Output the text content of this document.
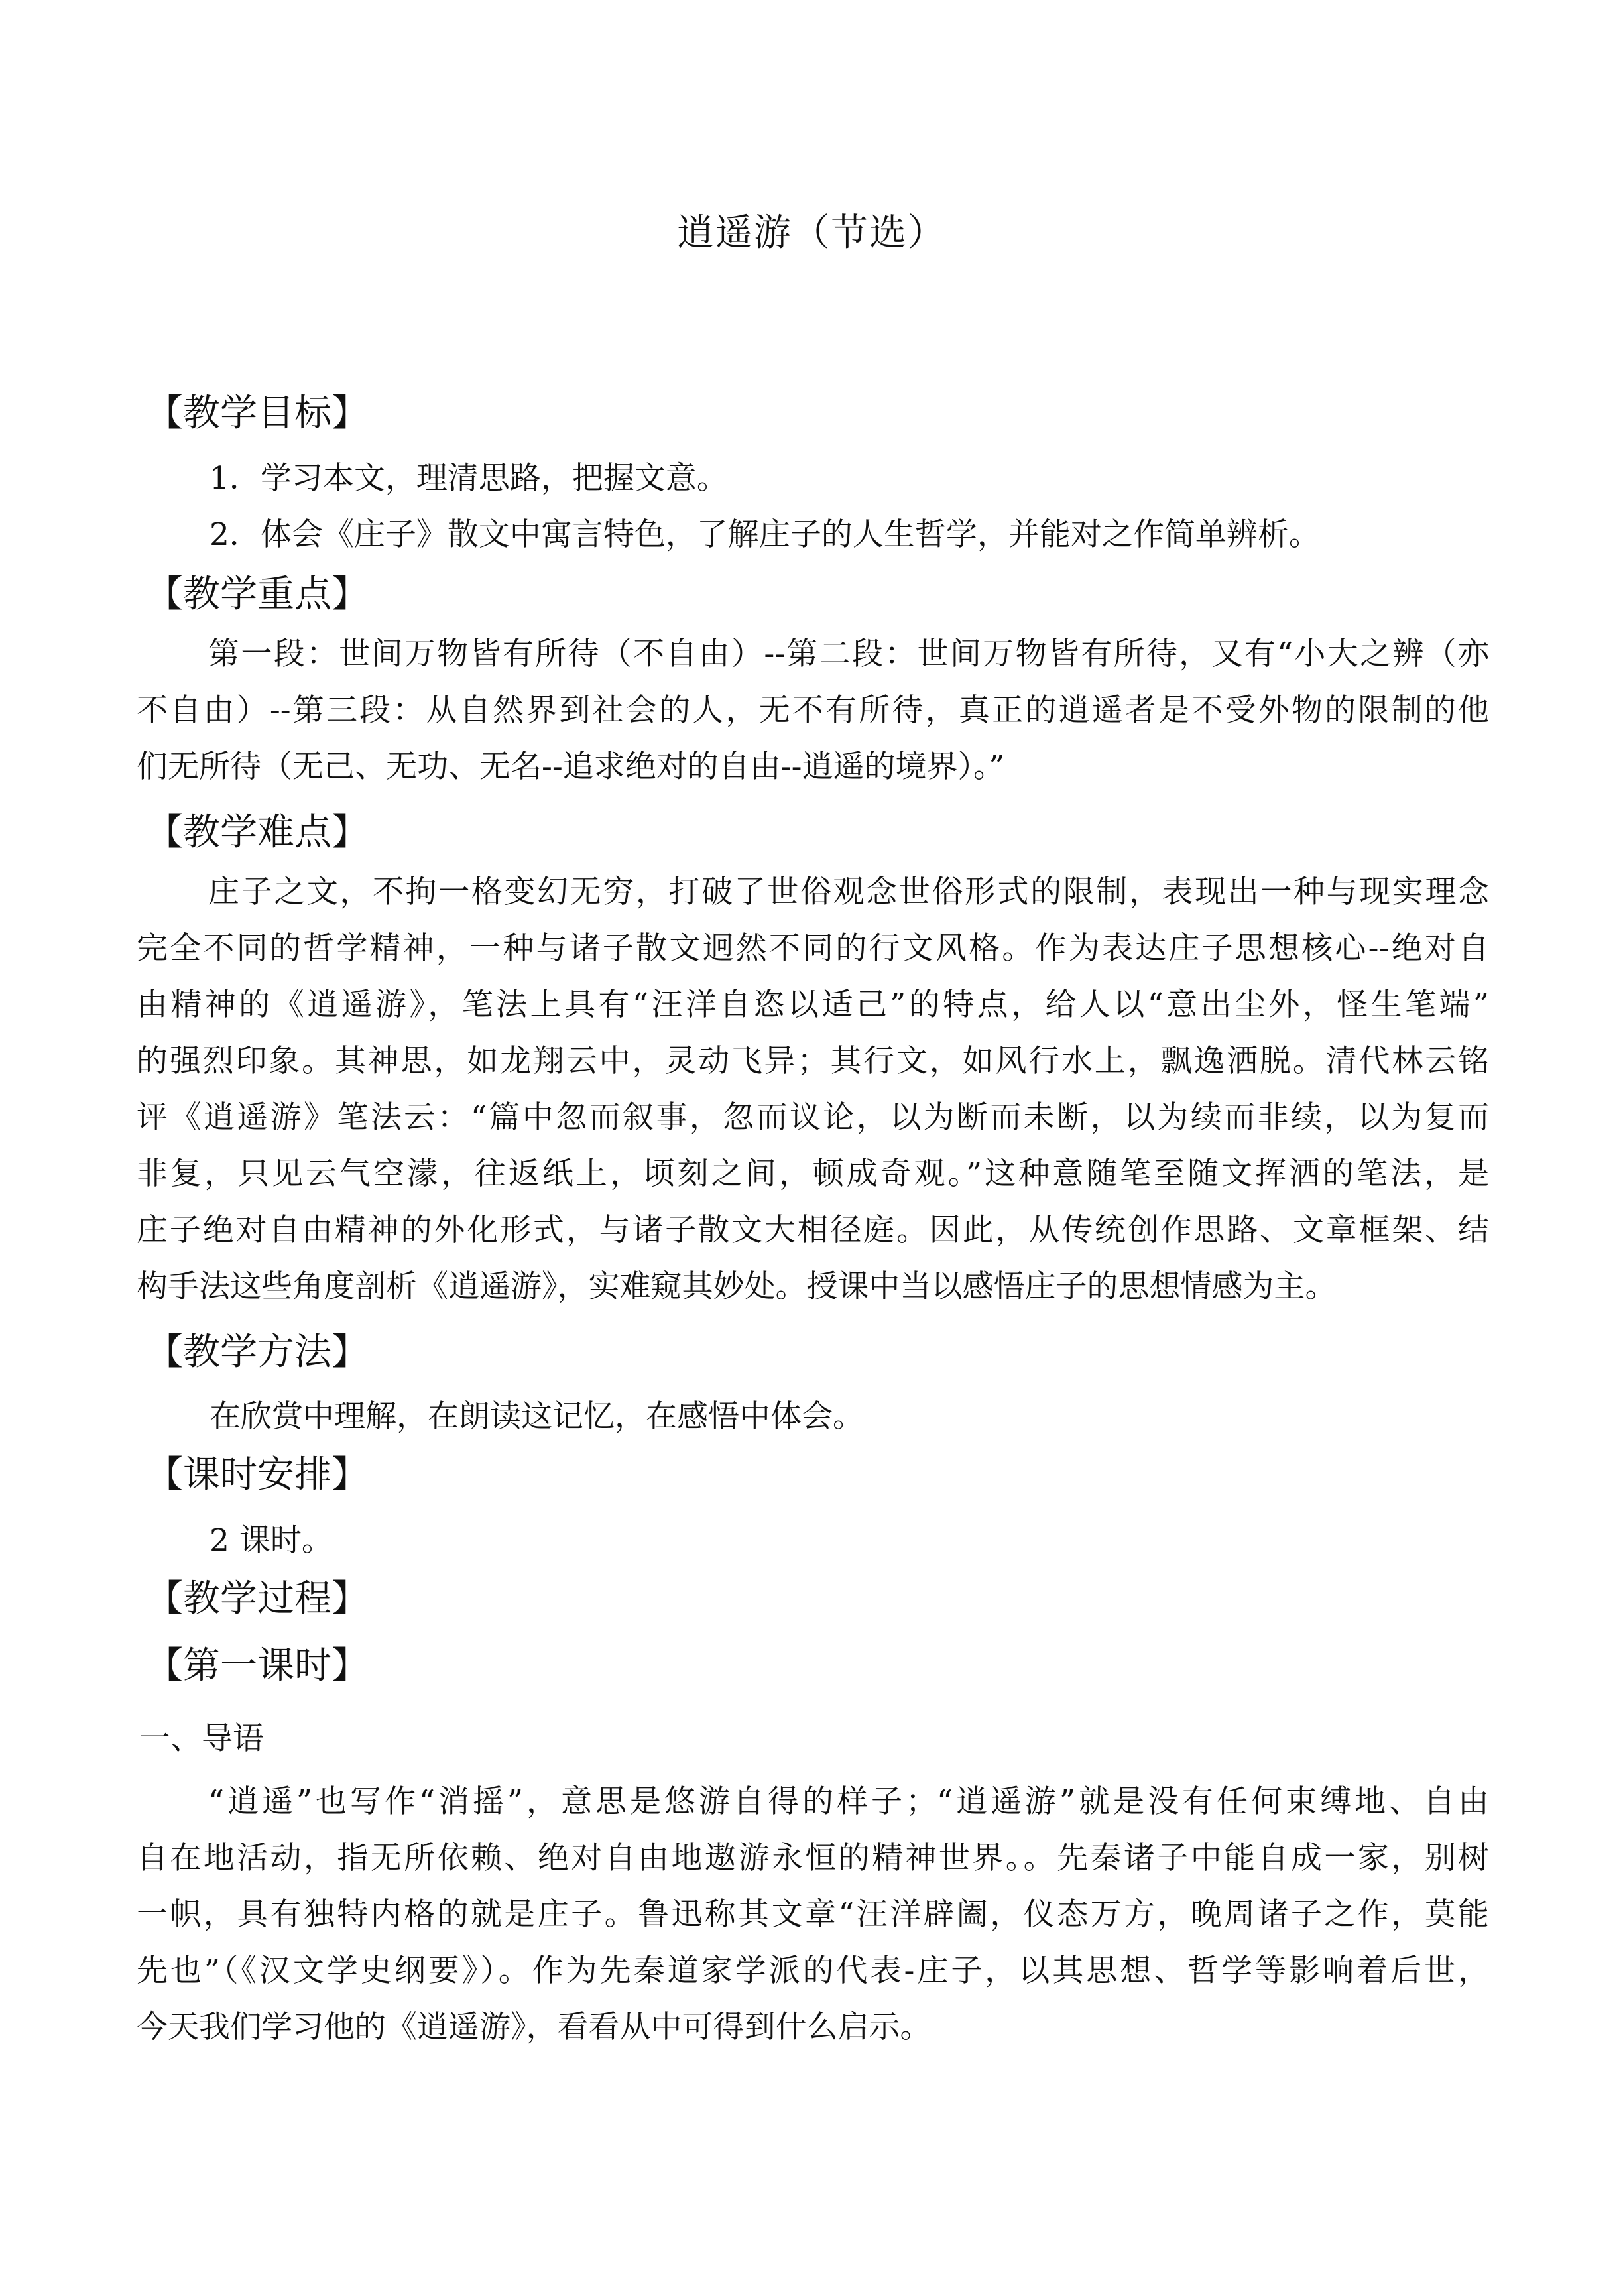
逍遥游（节选）
【教学目标】
1．学习本文，理清思路，把握文意。
2．体会《庄子》散文中寓言特色，了解庄子的人生哲学，并能对之作简单辨析。
【教学重点】
第一段：世间万物皆有所待（不自由）--第二段：世间万物皆有所待，又有“小大之辨（亦
不自由）--第三段：从自然界到社会的人，无不有所待，真正的逍遥者是不受外物的限制的他
们无所待（无己、无功、无名--追求绝对的自由--逍遥的境界）。”
【教学难点】
庄子之文，不拘一格变幻无穷，打破了世俗观念世俗形式的限制，表现出一种与现实理念
完全不同的哲学精神，一种与诸子散文迥然不同的行文风格。作为表达庄子思想核心--绝对自
由精神的《逍遥游》，笔法上具有“汪洋自恣以适己”的特点，给人以“意出尘外，怪生笔端”
的强烈印象。其神思，如龙翔云中，灵动飞异；其行文，如风行水上，飘逸洒脱。清代林云铭
评《逍遥游》笔法云：“篇中忽而叙事，忽而议论，以为断而未断，以为续而非续，以为复而
非复，只见云气空濛，往返纸上，顷刻之间，顿成奇观。”这种意随笔至随文挥洒的笔法，是
庄子绝对自由精神的外化形式，与诸子散文大相径庭。因此，从传统创作思路、文章框架、结
构手法这些角度剖析《逍遥游》，实难窥其妙处。授课中当以感悟庄子的思想情感为主。
【教学方法】
在欣赏中理解，在朗读这记忆，在感悟中体会。
【课时安排】
2 课时。
【教学过程】
【第一课时】
一、导语
“逍遥”也写作“消摇”，意思是悠游自得的样子；“逍遥游”就是没有任何束缚地、自由
自在地活动，指无所依赖、绝对自由地遨游永恒的精神世界。。先秦诸子中能自成一家，别树
一帜，具有独特内格的就是庄子。鲁迅称其文章“汪洋辟阖，仪态万方，晚周诸子之作，莫能
先也”（《汉文学史纲要》）。作为先秦道家学派的代表-庄子，以其思想、哲学等影响着后世，
今天我们学习他的《逍遥游》，看看从中可得到什么启示。
